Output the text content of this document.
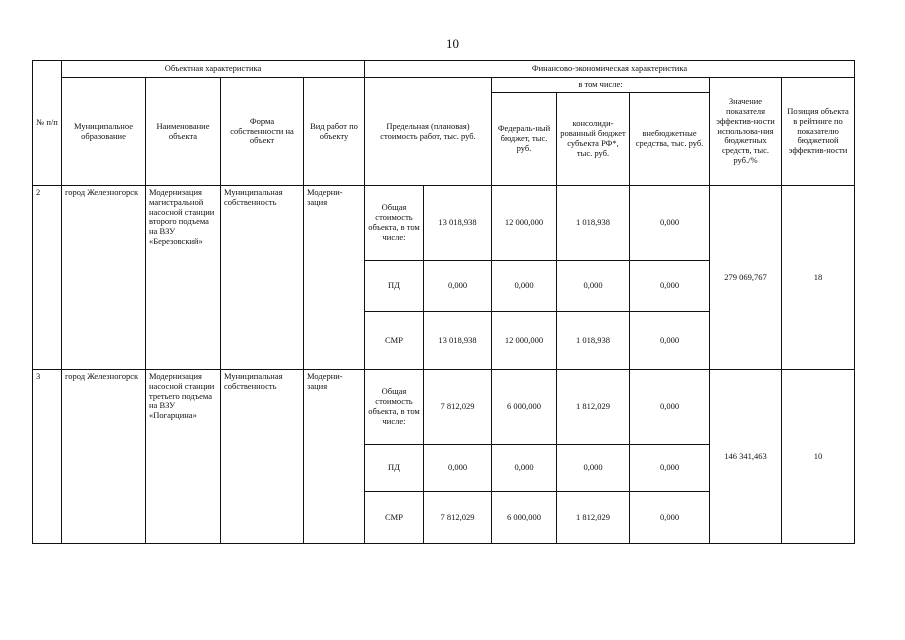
10
№ п/п	Объектная характеристика				Финансово-экономическая характеристика						
	Муниципальное образование	Наименование объекта	Форма собственности на объект	Вид работ по объекту	Предельная (плановая) стоимость работ, тыс. руб.		в том числе:			Значение показателя эффектив-ности использова-ния бюджетных средств, тыс. руб./%	Позиция объекта в рейтинге по показателю бюджетной эффектив-ности
							Федераль-ный бюджет, тыс. руб.	консолиди-рованный бюджет субъекта РФ*, тыс. руб.	внебюджетные средства, тыс. руб.		
2	город Железногорск	Модернизация магистральной насосной станции второго подъема на ВЗУ «Березовский»	Муниципальная собственность	Модерни-зация	Общая стоимость объекта, в том числе:	13 018,938	12 000,000	1 018,938	0,000	279 069,767	18
					ПД	0,000	0,000	0,000	0,000		
					СМР	13 018,938	12 000,000	1 018,938	0,000		
3	город Железногорск	Модернизация насосной станции третьего подъема на ВЗУ «Погарцина»	Муниципальная собственность	Модерни-зация	Общая стоимость объекта, в том числе:	7 812,029	6 000,000	1 812,029	0,000	146 341,463	10
					ПД	0,000	0,000	0,000	0,000		
					СМР	7 812,029	6 000,000	1 812,029	0,000		
